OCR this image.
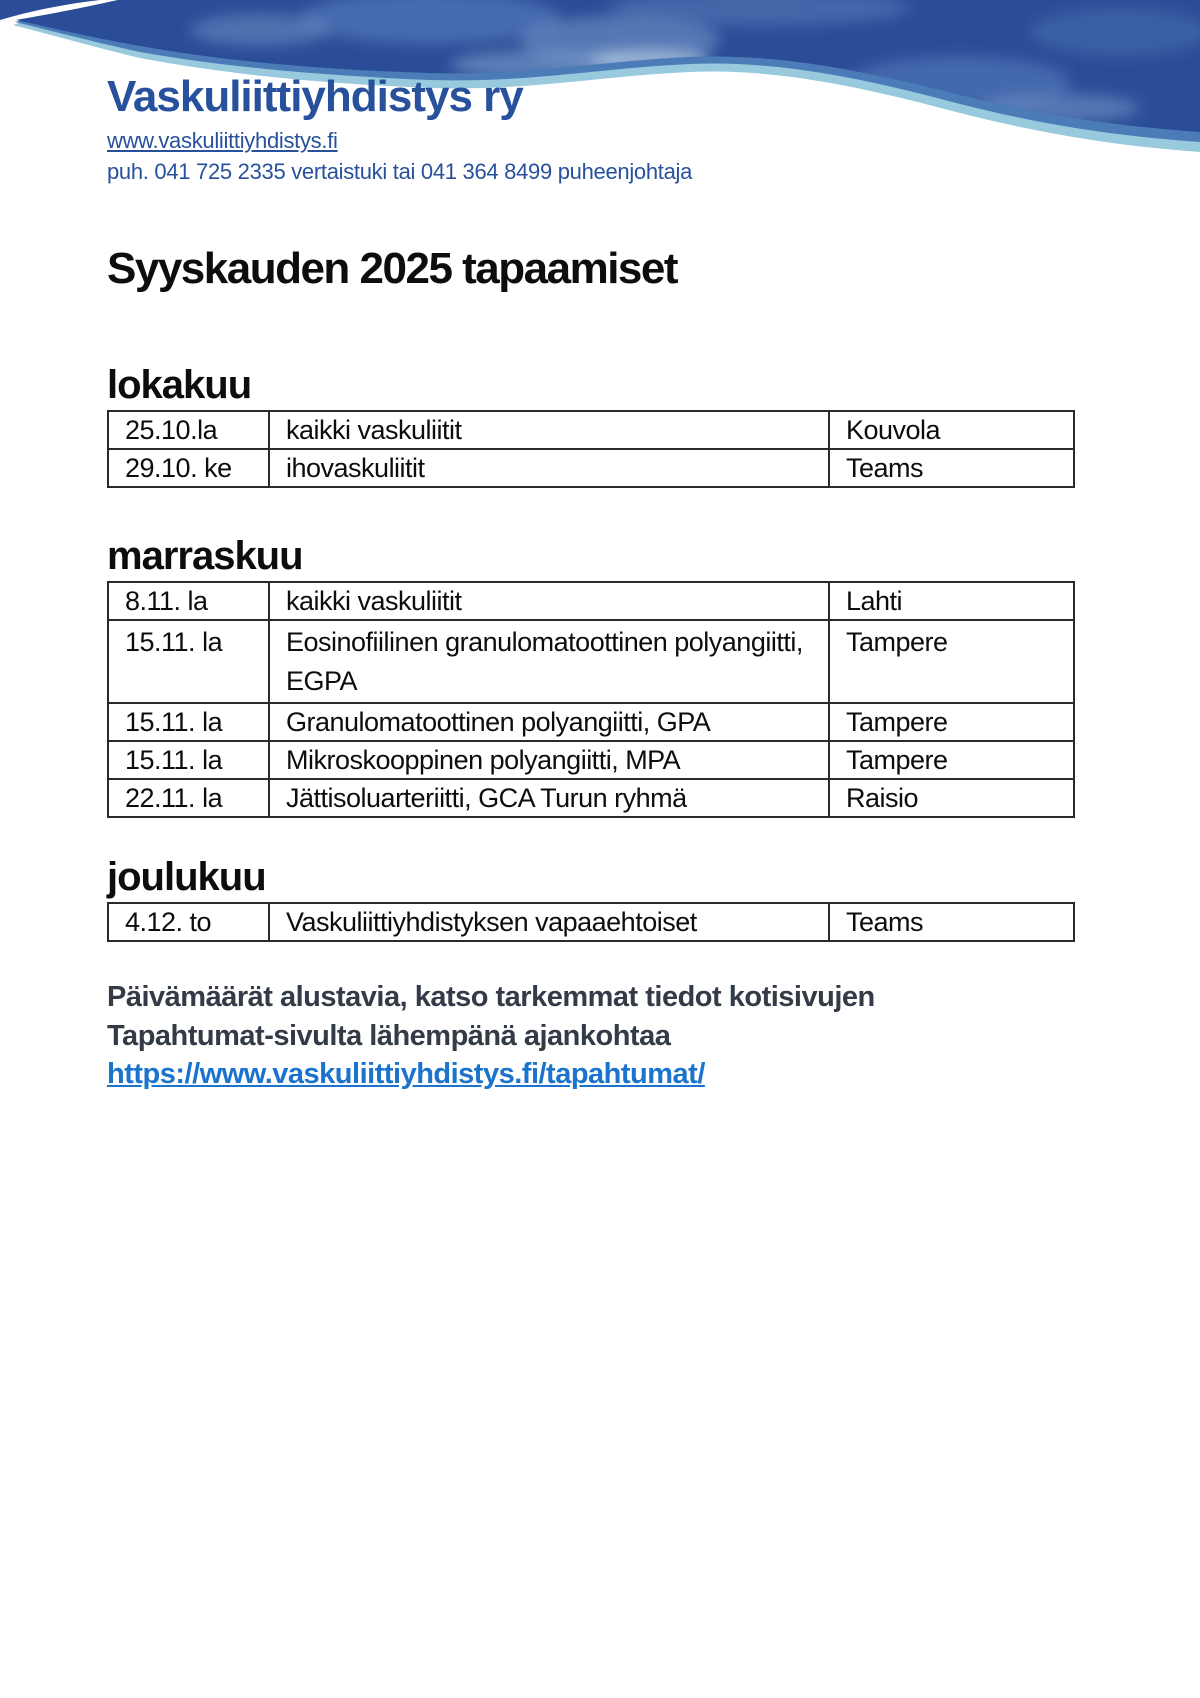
Vaskuliittiyhdistys ry
www.vaskuliittiyhdistys.fi
puh. 041 725 2335 vertaistuki tai 041 364 8499 puheenjohtaja
Syyskauden 2025 tapaamiset
lokakuu
25.10.la	kaikki vaskuliitit	Kouvola
29.10. ke	ihovaskuliitit	Teams
marraskuu
8.11. la	kaikki vaskuliitit	Lahti
15.11. la	Eosinofiilinen granulomatoottinen polyangiitti, EGPA	Tampere
15.11. la	Granulomatoottinen polyangiitti, GPA	Tampere
15.11. la	Mikroskooppinen polyangiitti, MPA	Tampere
22.11. la	Jättisoluarteriitti, GCA Turun ryhmä	Raisio
joulukuu
4.12. to	Vaskuliittiyhdistyksen vapaaehtoiset	Teams
Päivämäärät alustavia, katso tarkemmat tiedot kotisivujen
Tapahtumat-sivulta lähempänä ajankohtaa
https://www.vaskuliittiyhdistys.fi/tapahtumat/
